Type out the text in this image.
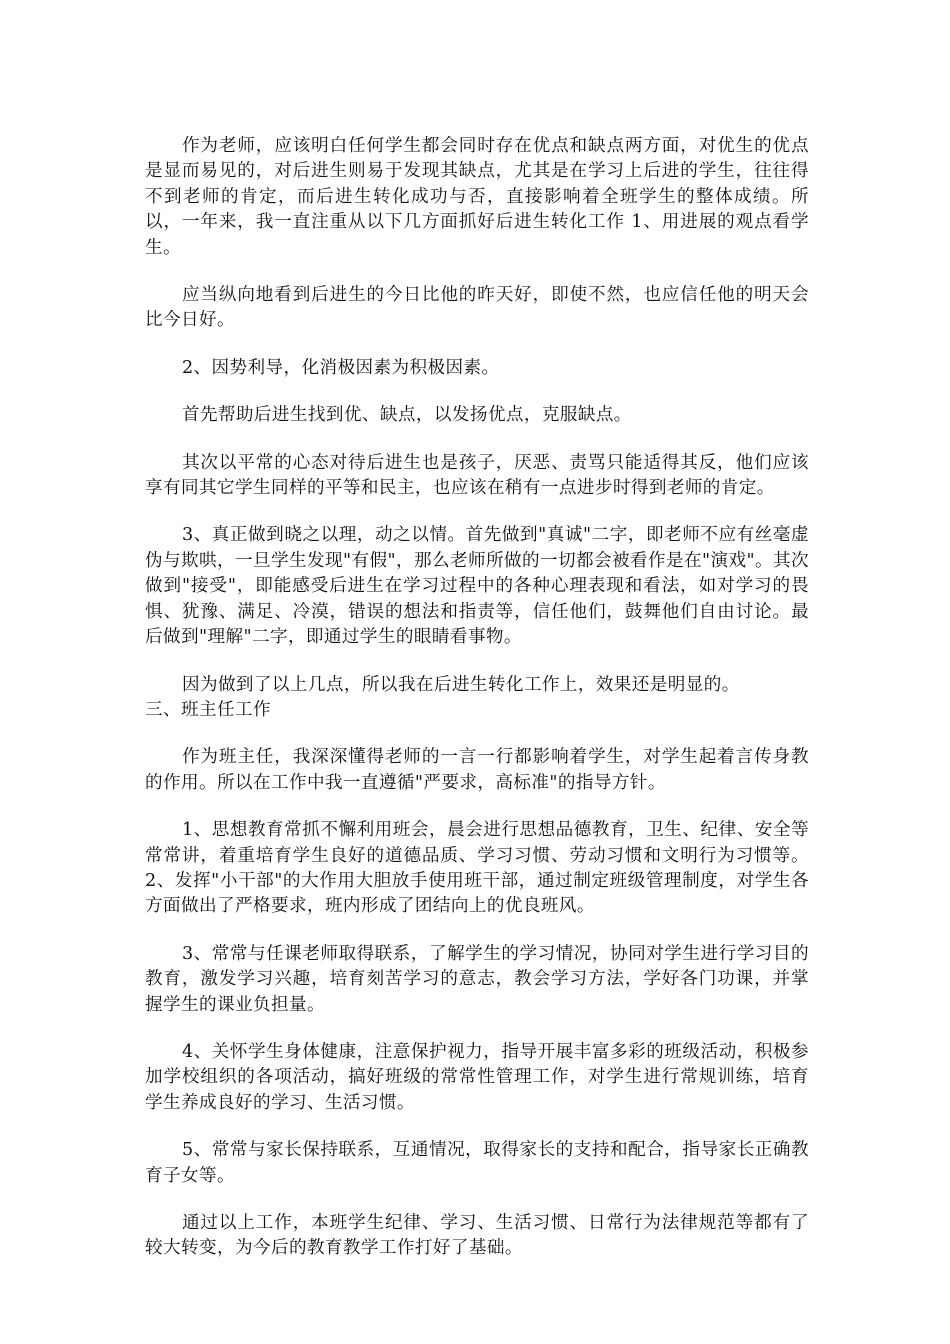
作为老师，应该明白任何学生都会同时存在优点和缺点两方面，对优生的优点是显而易见的，对后进生则易于发现其缺点，尤其是在学习上后进的学生，往往得不到老师的肯定，而后进生转化成功与否，直接影响着全班学生的整体成绩。所以，一年来，我一直注重从以下几方面抓好后进生转化工作 1、用进展的观点看学生。

应当纵向地看到后进生的今日比他的昨天好，即使不然，也应信任他的明天会比今日好。

2、因势利导，化消极因素为积极因素。

首先帮助后进生找到优、缺点，以发扬优点，克服缺点。

其次以平常的心态对待后进生也是孩子，厌恶、责骂只能适得其反，他们应该享有同其它学生同样的平等和民主，也应该在稍有一点进步时得到老师的肯定。

3、真正做到晓之以理，动之以情。首先做到"真诚"二字，即老师不应有丝毫虚伪与欺哄，一旦学生发现"有假"，那么老师所做的一切都会被看作是在"演戏"。其次做到"接受"，即能感受后进生在学习过程中的各种心理表现和看法，如对学习的畏惧、犹豫、满足、冷漠，错误的想法和指责等，信任他们，鼓舞他们自由讨论。最后做到"理解"二字，即通过学生的眼睛看事物。

因为做到了以上几点，所以我在后进生转化工作上，效果还是明显的。

三、班主任工作

作为班主任，我深深懂得老师的一言一行都影响着学生，对学生起着言传身教的作用。所以在工作中我一直遵循"严要求，高标准"的指导方针。

1、思想教育常抓不懈利用班会，晨会进行思想品德教育，卫生、纪律、安全等常常讲，着重培育学生良好的道德品质、学习习惯、劳动习惯和文明行为习惯等。2、发挥"小干部"的大作用大胆放手使用班干部，通过制定班级管理制度，对学生各方面做出了严格要求，班内形成了团结向上的优良班风。

3、常常与任课老师取得联系，了解学生的学习情况，协同对学生进行学习目的教育，激发学习兴趣，培育刻苦学习的意志，教会学习方法，学好各门功课，并掌握学生的课业负担量。

4、关怀学生身体健康，注意保护视力，指导开展丰富多彩的班级活动，积极参加学校组织的各项活动，搞好班级的常常性管理工作，对学生进行常规训练，培育学生养成良好的学习、生活习惯。

5、常常与家长保持联系，互通情况，取得家长的支持和配合，指导家长正确教育子女等。

通过以上工作，本班学生纪律、学习、生活习惯、日常行为法律规范等都有了较大转变，为今后的教育教学工作打好了基础。
